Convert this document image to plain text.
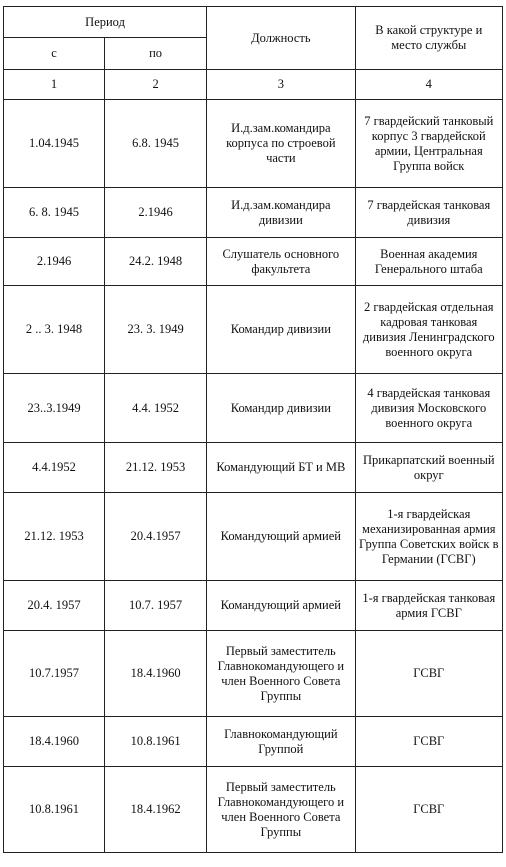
Период		Должность	В какой структуре и место службы
с	по		
1	2	3	4
1.04.1945	6.8. 1945	И.д.зам.командира корпуса по строевой части	7 гвардейский танковый корпус 3 гвардейской армии, Центральная Группа войск
6. 8. 1945	2.1946	И.д.зам.командира дивизии	7 гвардейская танковая дивизия
2.1946	24.2. 1948	Слушатель основного факультета	Военная академия Генерального штаба
2 .. 3. 1948	23. 3. 1949	Командир дивизии	2 гвардейская отдельная кадровая танковая дивизия Ленинградского военного округа
23..3.1949	4.4. 1952	Командир дивизии	4 гвардейская танковая дивизия Московского военного округа
4.4.1952	21.12. 1953	Командующий БТ и МВ	Прикарпатский военный округ
21.12. 1953	20.4.1957	Командующий армией	1-я гвардейская механизированная армия Группа Советских войск в Германии (ГСВГ)
20.4. 1957	10.7. 1957	Командующий армией	1-я гвардейская танковая армия ГСВГ
10.7.1957	18.4.1960	Первый заместитель Главнокомандующего и член Военного Совета Группы	ГСВГ
18.4.1960	10.8.1961	Главнокомандующий Группой	ГСВГ
10.8.1961	18.4.1962	Первый заместитель Главнокомандующего и член Военного Совета Группы	ГСВГ
